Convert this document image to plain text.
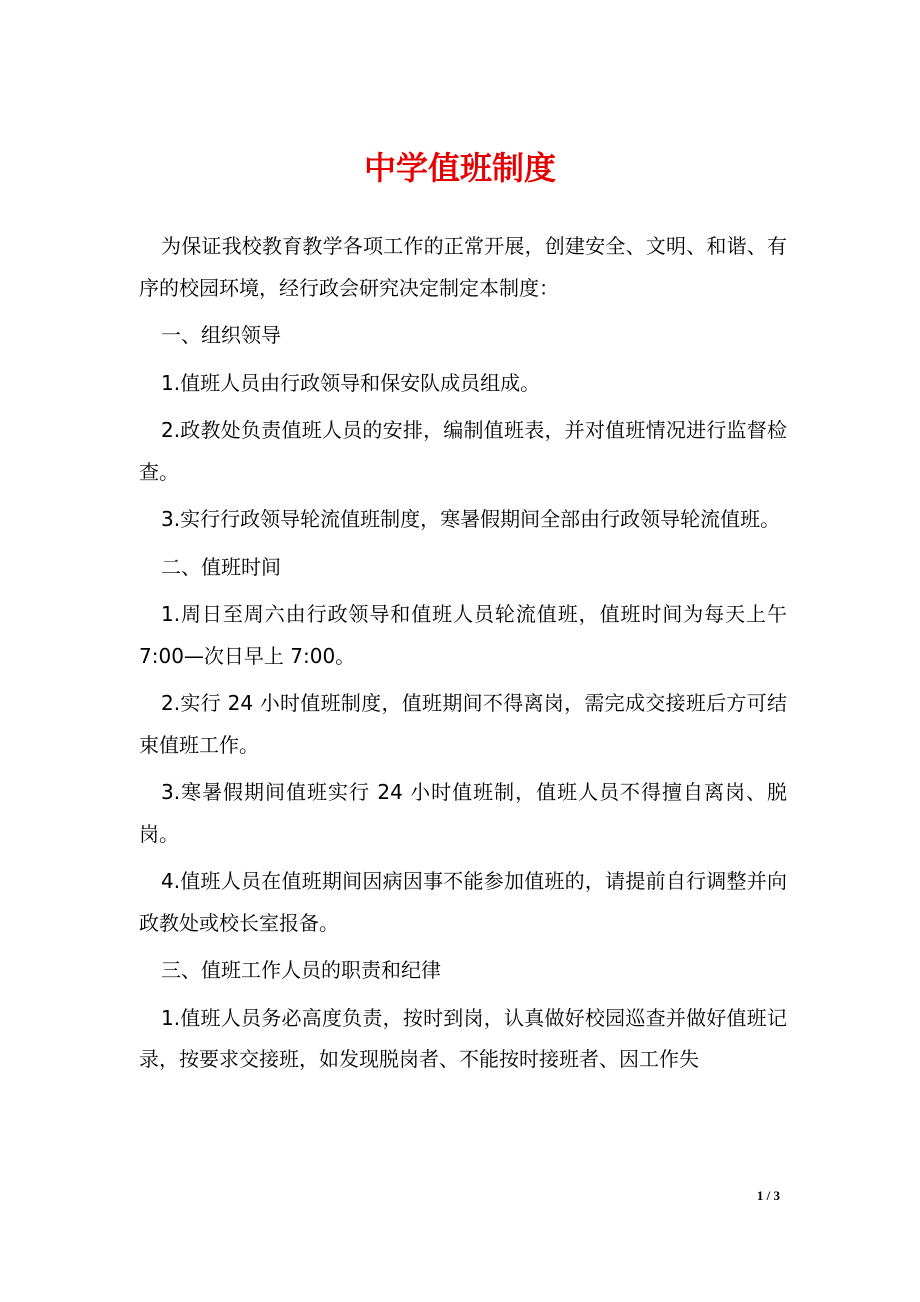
中学值班制度

为保证我校教育教学各项工作的正常开展，创建安全、文明、和谐、有序的校园环境，经行政会研究决定制定本制度：

一、组织领导

1.值班人员由行政领导和保安队成员组成。

2.政教处负责值班人员的安排，编制值班表，并对值班情况进行监督检查。

3.实行行政领导轮流值班制度，寒暑假期间全部由行政领导轮流值班。

二、值班时间

1.周日至周六由行政领导和值班人员轮流值班，值班时间为每天上午 7:00—次日早上 7:00。

2.实行 24 小时值班制度，值班期间不得离岗，需完成交接班后方可结束值班工作。

3.寒暑假期间值班实行 24 小时值班制，值班人员不得擅自离岗、脱岗。

4.值班人员在值班期间因病因事不能参加值班的，请提前自行调整并向政教处或校长室报备。

三、值班工作人员的职责和纪律

1.值班人员务必高度负责，按时到岗，认真做好校园巡查并做好值班记录，按要求交接班，如发现脱岗者、不能按时接班者、因工作失

1 / 3
